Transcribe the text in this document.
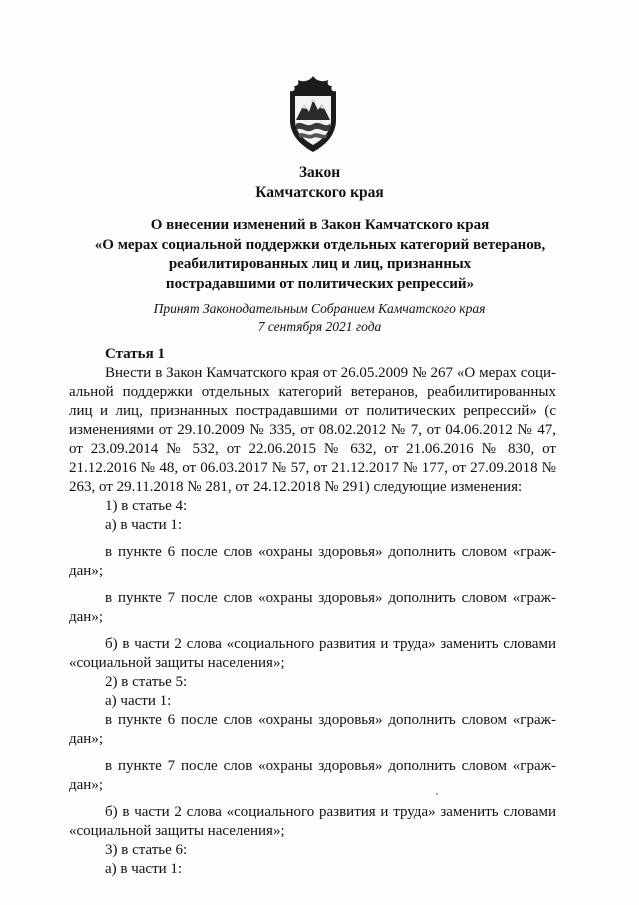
Закон
Камчатского края
О внесении изменений в Закон Камчатского края
«О мерах социальной поддержки отдельных категорий ветеранов,
реабилитированных лиц и лиц, признанных
пострадавшими от политических репрессий»
Принят Законодательным Собранием Камчатского края
7 сентября 2021 года
Статья 1

Внести в Закон Камчатского края от 26.05.2009 № 267 «О мерах социальной поддержки отдельных категорий ветеранов, реабилитированных лиц и лиц, признанных пострадавшими от политических репрессий» (с изменениями от 29.10.2009 № 335, от 08.02.2012 № 7, от 04.06.2012 № 47, от 23.09.2014 № 532, от 22.06.2015 № 632, от 21.06.2016 № 830, от 21.12.2016 № 48, от 06.03.2017 № 57, от 21.12.2017 № 177, от 27.09.2018 № 263, от 29.11.2018 № 281, от 24.12.2018 № 291) следующие изменения:

1) в статье 4:

а) в части 1:

в пункте 6 после слов «охраны здоровья» дополнить словом «граждан»;

в пункте 7 после слов «охраны здоровья» дополнить словом «граждан»;

б) в части 2 слова «социального развития и труда» заменить словами «социальной защиты населения»;

2) в статье 5:

а) части 1:

в пункте 6 после слов «охраны здоровья» дополнить словом «граждан»;

в пункте 7 после слов «охраны здоровья» дополнить словом «граждан»;

б) в части 2 слова «социального развития и труда» заменить словами «социальной защиты населения»;

3) в статье 6:

а) в части 1:
